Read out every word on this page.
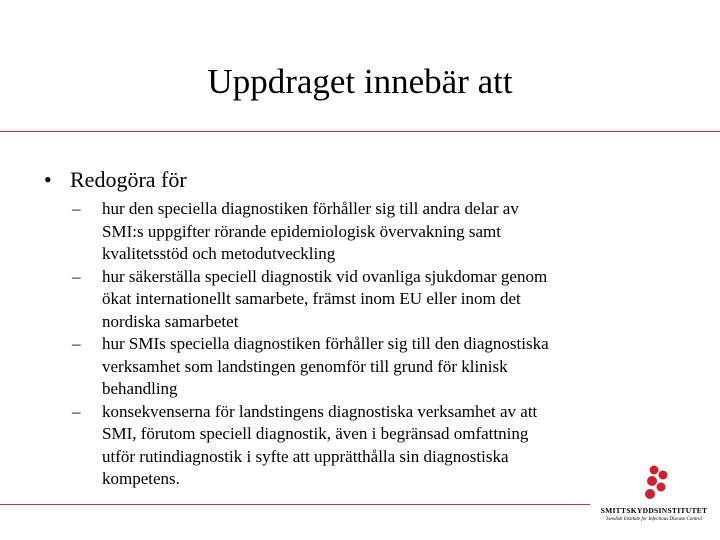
Uppdraget innebär att
• Redogöra för
– hur den speciella diagnostiken förhåller sig till andra delar av
SMI:s uppgifter rörande epidemiologisk övervakning samt
kvalitetsstöd och metodutveckling
– hur säkerställa speciell diagnostik vid ovanliga sjukdomar genom
ökat internationellt samarbete, främst inom EU eller inom det
nordiska samarbetet
– hur SMIs speciella diagnostiken förhåller sig till den diagnostiska
verksamhet som landstingen genomför till grund för klinisk
behandling
– konsekvenserna för landstingens diagnostiska verksamhet av att
SMI, förutom speciell diagnostik, även i begränsad omfattning
utför rutindiagnostik i syfte att upprätthålla sin diagnostiska
kompetens.
SMITTSKYDDSINSTITUTET
Swedish Institute for Infectious Disease Control
